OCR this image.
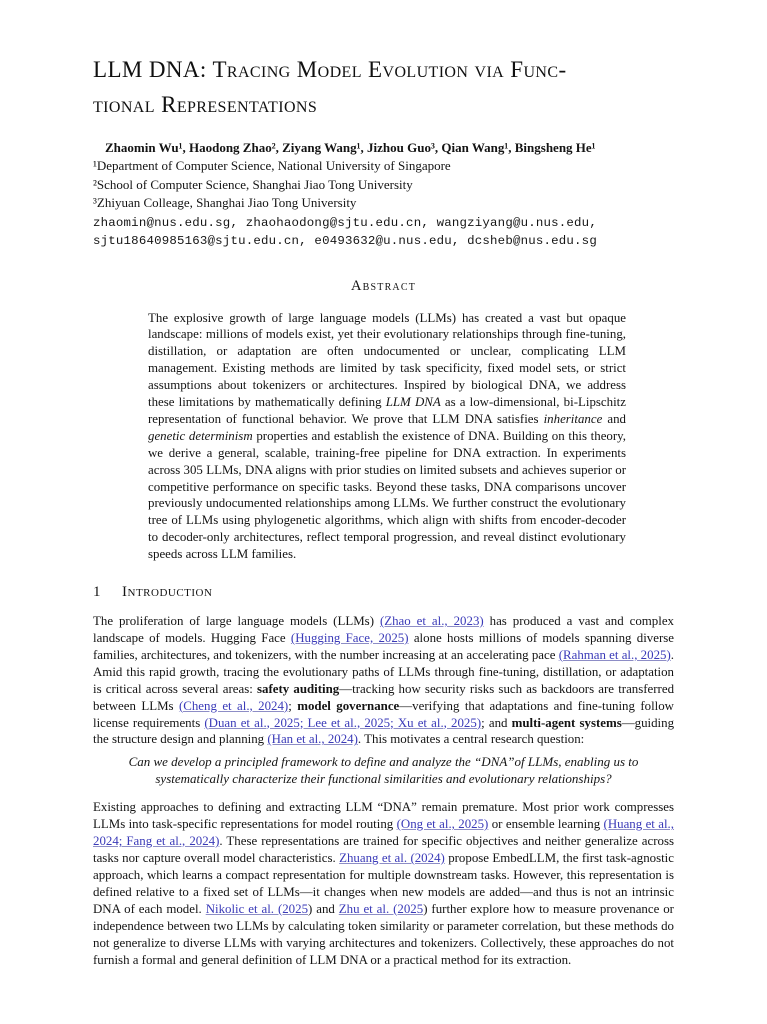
LLM DNA: Tracing Model Evolution via Func-
tional Representations
Zhaomin Wu¹, Haodong Zhao², Ziyang Wang¹, Jizhou Guo³, Qian Wang¹, Bingsheng He¹
¹Department of Computer Science, National University of Singapore
²School of Computer Science, Shanghai Jiao Tong University
³Zhiyuan Colleage, Shanghai Jiao Tong University
zhaomin@nus.edu.sg, zhaohaodong@sjtu.edu.cn, wangziyang@u.nus.edu,
sjtu18640985163@sjtu.edu.cn, e0493632@u.nus.edu, dcsheb@nus.edu.sg
Abstract
The explosive growth of large language models (LLMs) has created a vast but opaque landscape: millions of models exist, yet their evolutionary relationships through fine-tuning, distillation, or adaptation are often undocumented or unclear, complicating LLM management. Existing methods are limited by task specificity, fixed model sets, or strict assumptions about tokenizers or architectures. Inspired by biological DNA, we address these limitations by mathematically defining LLM DNA as a low-dimensional, bi-Lipschitz representation of functional behavior. We prove that LLM DNA satisfies inheritance and genetic determinism properties and establish the existence of DNA. Building on this theory, we derive a general, scalable, training-free pipeline for DNA extraction. In experiments across 305 LLMs, DNA aligns with prior studies on limited subsets and achieves superior or competitive performance on specific tasks. Beyond these tasks, DNA comparisons uncover previously undocumented relationships among LLMs. We further construct the evolutionary tree of LLMs using phylogenetic algorithms, which align with shifts from encoder-decoder to decoder-only architectures, reflect temporal progression, and reveal distinct evolutionary speeds across LLM families.
1 Introduction
The proliferation of large language models (LLMs) (Zhao et al., 2023) has produced a vast and complex landscape of models. Hugging Face (Hugging Face, 2025) alone hosts millions of models spanning diverse families, architectures, and tokenizers, with the number increasing at an accelerating pace (Rahman et al., 2025). Amid this rapid growth, tracing the evolutionary paths of LLMs through fine-tuning, distillation, or adaptation is critical across several areas: safety auditing—tracking how security risks such as backdoors are transferred between LLMs (Cheng et al., 2024); model governance—verifying that adaptations and fine-tuning follow license requirements (Duan et al., 2025; Lee et al., 2025; Xu et al., 2025); and multi-agent systems—guiding the structure design and planning (Han et al., 2024). This motivates a central research question:
Can we develop a principled framework to define and analyze the “DNA”of LLMs, enabling us to systematically characterize their functional similarities and evolutionary relationships?
Existing approaches to defining and extracting LLM “DNA” remain premature. Most prior work compresses LLMs into task-specific representations for model routing (Ong et al., 2025) or ensemble learning (Huang et al., 2024; Fang et al., 2024). These representations are trained for specific objectives and neither generalize across tasks nor capture overall model characteristics. Zhuang et al. (2024) propose EmbedLLM, the first task-agnostic approach, which learns a compact representation for multiple downstream tasks. However, this representation is defined relative to a fixed set of LLMs—it changes when new models are added—and thus is not an intrinsic DNA of each model. Nikolic et al. (2025) and Zhu et al. (2025) further explore how to measure provenance or independence between two LLMs by calculating token similarity or parameter correlation, but these methods do not generalize to diverse LLMs with varying architectures and tokenizers. Collectively, these approaches do not furnish a formal and general definition of LLM DNA or a practical method for its extraction.
